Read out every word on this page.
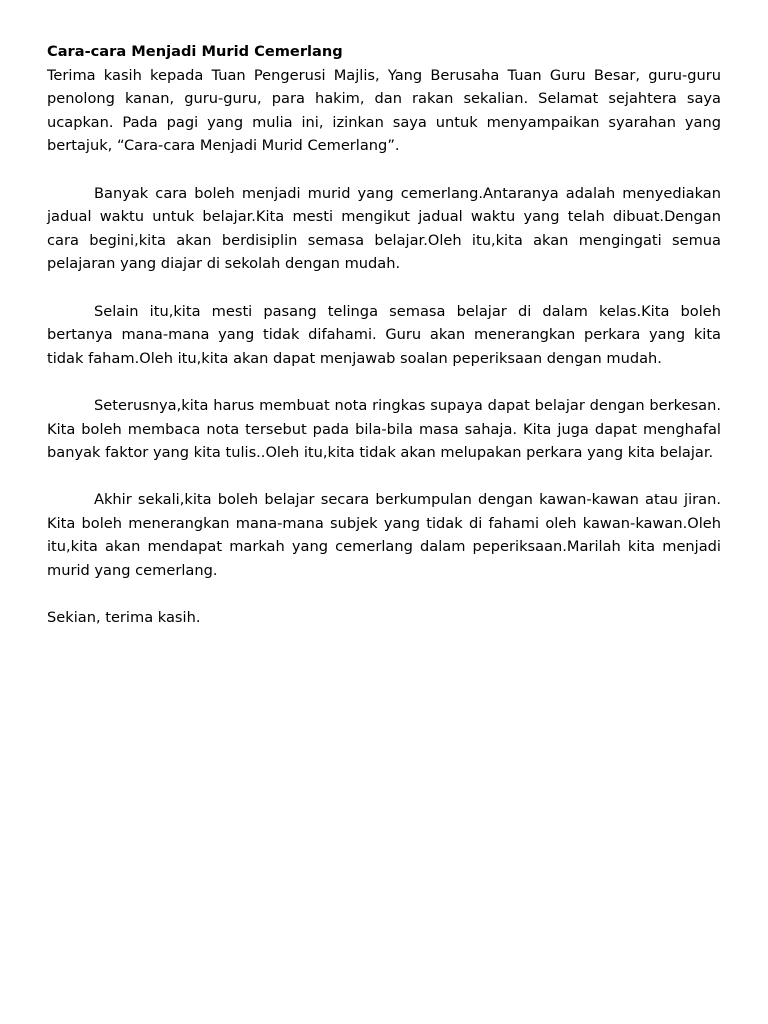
Cara-cara Menjadi Murid Cemerlang

Terima kasih kepada Tuan Pengerusi Majlis, Yang Berusaha Tuan Guru Besar, guru-guru penolong kanan, guru-guru, para hakim, dan rakan sekalian. Selamat sejahtera saya ucapkan. Pada pagi yang mulia ini, izinkan saya untuk menyampaikan syarahan yang bertajuk, “Cara-cara Menjadi Murid Cemerlang”.

Banyak cara boleh menjadi murid yang cemerlang.Antaranya adalah menyediakan jadual waktu untuk belajar.Kita mesti mengikut jadual waktu yang telah dibuat.Dengan cara begini,kita akan berdisiplin semasa belajar.Oleh itu,kita akan mengingati semua pelajaran yang diajar di sekolah dengan mudah.

Selain itu,kita mesti pasang telinga semasa belajar di dalam kelas.Kita boleh bertanya mana-mana yang tidak difahami. Guru akan menerangkan perkara yang kita tidak faham.Oleh itu,kita akan dapat menjawab soalan peperiksaan dengan mudah.

Seterusnya,kita harus membuat nota ringkas supaya dapat belajar dengan berkesan. Kita boleh membaca nota tersebut pada bila-bila masa sahaja. Kita juga dapat menghafal banyak faktor yang kita tulis..Oleh itu,kita tidak akan melupakan perkara yang kita belajar.

Akhir sekali,kita boleh belajar secara berkumpulan dengan kawan-kawan atau jiran. Kita boleh menerangkan mana-mana subjek yang tidak di fahami oleh kawan-kawan.Oleh itu,kita akan mendapat markah yang cemerlang dalam peperiksaan.Marilah kita menjadi murid yang cemerlang.

Sekian, terima kasih.
